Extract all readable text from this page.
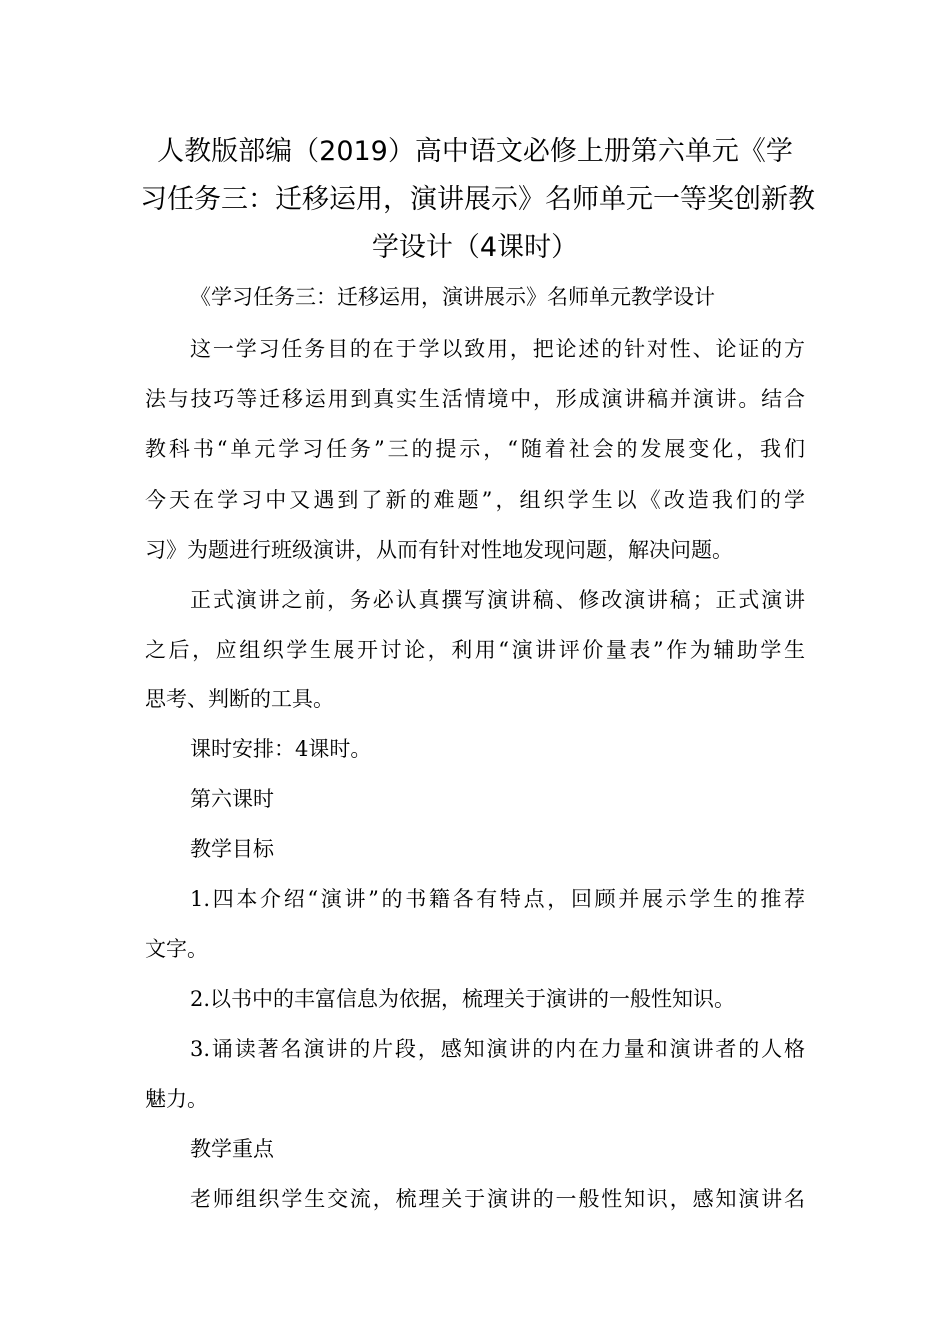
人教版部编（2019）高中语文必修上册第六单元《学
习任务三：迁移运用，演讲展示》名师单元一等奖创新教
学设计（4课时）

《学习任务三：迁移运用，演讲展示》名师单元教学设计

这一学习任务目的在于学以致用，把论述的针对性、论证的方

法与技巧等迁移运用到真实生活情境中，形成演讲稿并演讲。结合

教科书“单元学习任务”三的提示，“随着社会的发展变化，我们

今天在学习中又遇到了新的难题”，组织学生以《改造我们的学

习》为题进行班级演讲，从而有针对性地发现问题，解决问题。

正式演讲之前，务必认真撰写演讲稿、修改演讲稿；正式演讲

之后，应组织学生展开讨论，利用“演讲评价量表”作为辅助学生

思考、判断的工具。

课时安排：4课时。

第六课时

教学目标

1.四本介绍“演讲”的书籍各有特点，回顾并展示学生的推荐

文字。

2.以书中的丰富信息为依据，梳理关于演讲的一般性知识。

3.诵读著名演讲的片段，感知演讲的内在力量和演讲者的人格

魅力。

教学重点

老师组织学生交流，梳理关于演讲的一般性知识，感知演讲名
